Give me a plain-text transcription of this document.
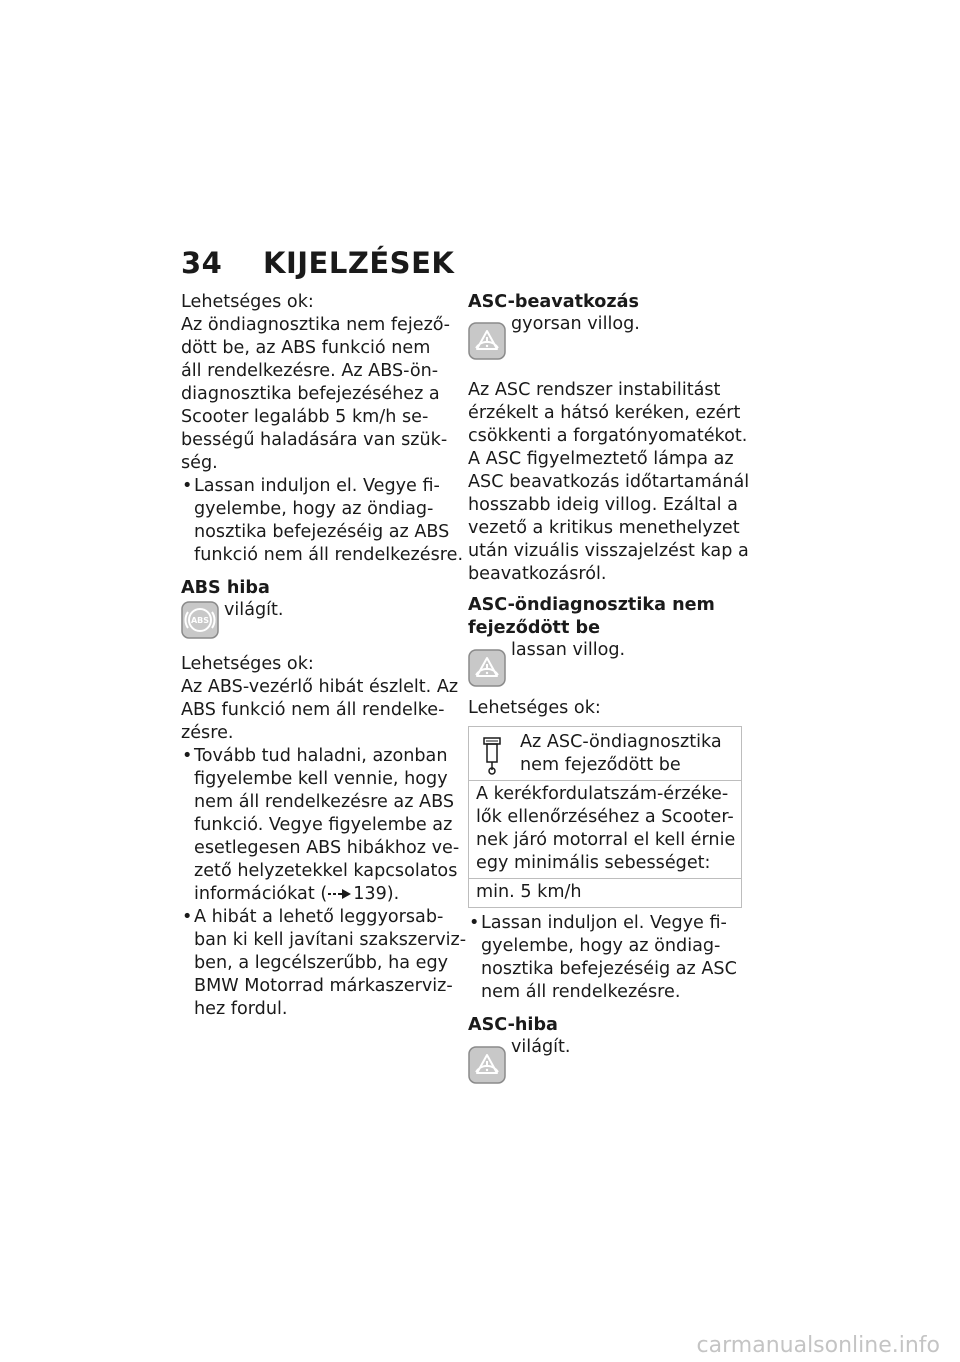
34 KIJELZÉSEK
Lehetséges ok:
Az öndiagnosztika nem fejező-
dött be, az ABS funkció nem
áll rendelkezésre. Az ABS-ön-
diagnosztika befejezéséhez a
Scooter legalább 5 km/h se-
bességű haladására van szük-
ség.
• Lassan induljon el. Vegye fi-
gyelembe, hogy az öndiag-
nosztika befejezéséig az ABS
funkció nem áll rendelkezésre.
ABS hiba
ABS
világít.
Lehetséges ok:
Az ABS-vezérlő hibát észlelt. Az
ABS funkció nem áll rendelke-
zésre.
• Tovább tud haladni, azonban
figyelembe kell vennie, hogy
nem áll rendelkezésre az ABS
funkció. Vegye figyelembe az
esetlegesen ABS hibákhoz ve-
zető helyzetekkel kapcsolatos
információkat ( 139).
• A hibát a lehető leggyorsab-
ban ki kell javítani szakszerviz-
ben, a legcélszerűbb, ha egy
BMW Motorrad márkaszerviz-
hez fordul.
ASC-beavatkozás
gyorsan villog.
Az ASC rendszer instabilitást
érzékelt a hátsó keréken, ezért
csökkenti a forgatónyomatékot.
A ASC figyelmeztető lámpa az
ASC beavatkozás időtartamánál
hosszabb ideig villog. Ezáltal a
vezető a kritikus menethelyzet
után vizuális visszajelzést kap a
beavatkozásról.
ASC-öndiagnosztika nem
fejeződött be
lassan villog.
Lehetséges ok:
Az ASC-öndiagnosztika
nem fejeződött be

A kerékfordulatszám-érzéke-
lők ellenőrzéséhez a Scooter-
nek járó motorral el kell érnie
egy minimális sebességet:

min. 5 km/h
• Lassan induljon el. Vegye fi-
gyelembe, hogy az öndiag-
nosztika befejezéséig az ASC
nem áll rendelkezésre.
ASC-hiba
világít.
carmanualsonline.info
